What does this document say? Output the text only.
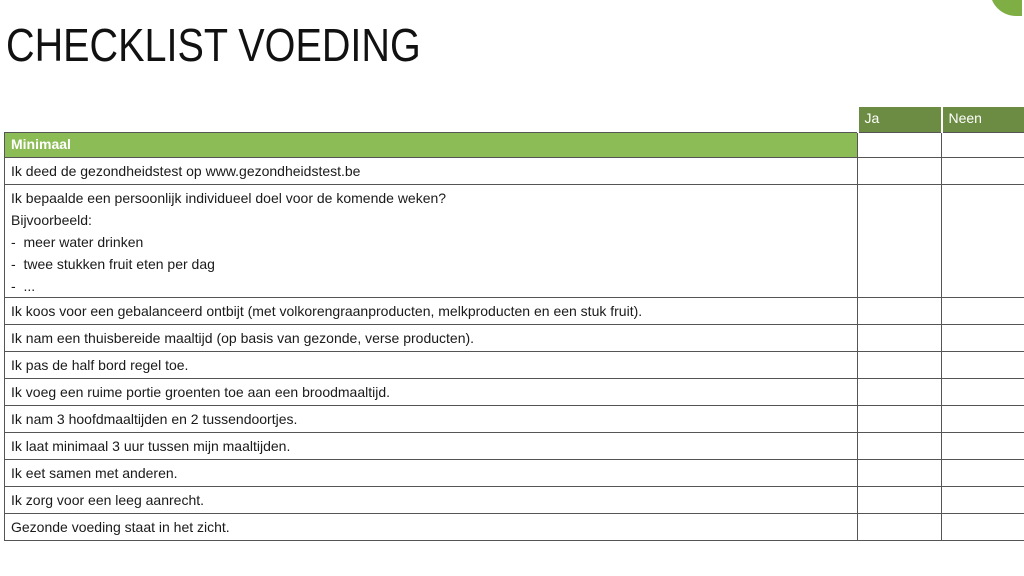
CHECKLIST VOEDING
	Ja	Neen
Minimaal		
Ik deed de gezondheidstest op www.gezondheidstest.be		

Ik bepaalde een persoonlijk individueel doel voor de komende weken?
Bijvoorbeeld:
- meer water drinken
- twee stukken fruit eten per dag
- ...

Ik koos voor een gebalanceerd ontbijt (met volkorengraanproducten, melkproducten en een stuk fruit).		
Ik nam een thuisbereide maaltijd (op basis van gezonde, verse producten).		
Ik pas de half bord regel toe.		
Ik voeg een ruime portie groenten toe aan een broodmaaltijd.		
Ik nam 3 hoofdmaaltijden en 2 tussendoortjes.		
Ik laat minimaal 3 uur tussen mijn maaltijden.		
Ik eet samen met anderen.		
Ik zorg voor een leeg aanrecht.		
Gezonde voeding staat in het zicht.		
